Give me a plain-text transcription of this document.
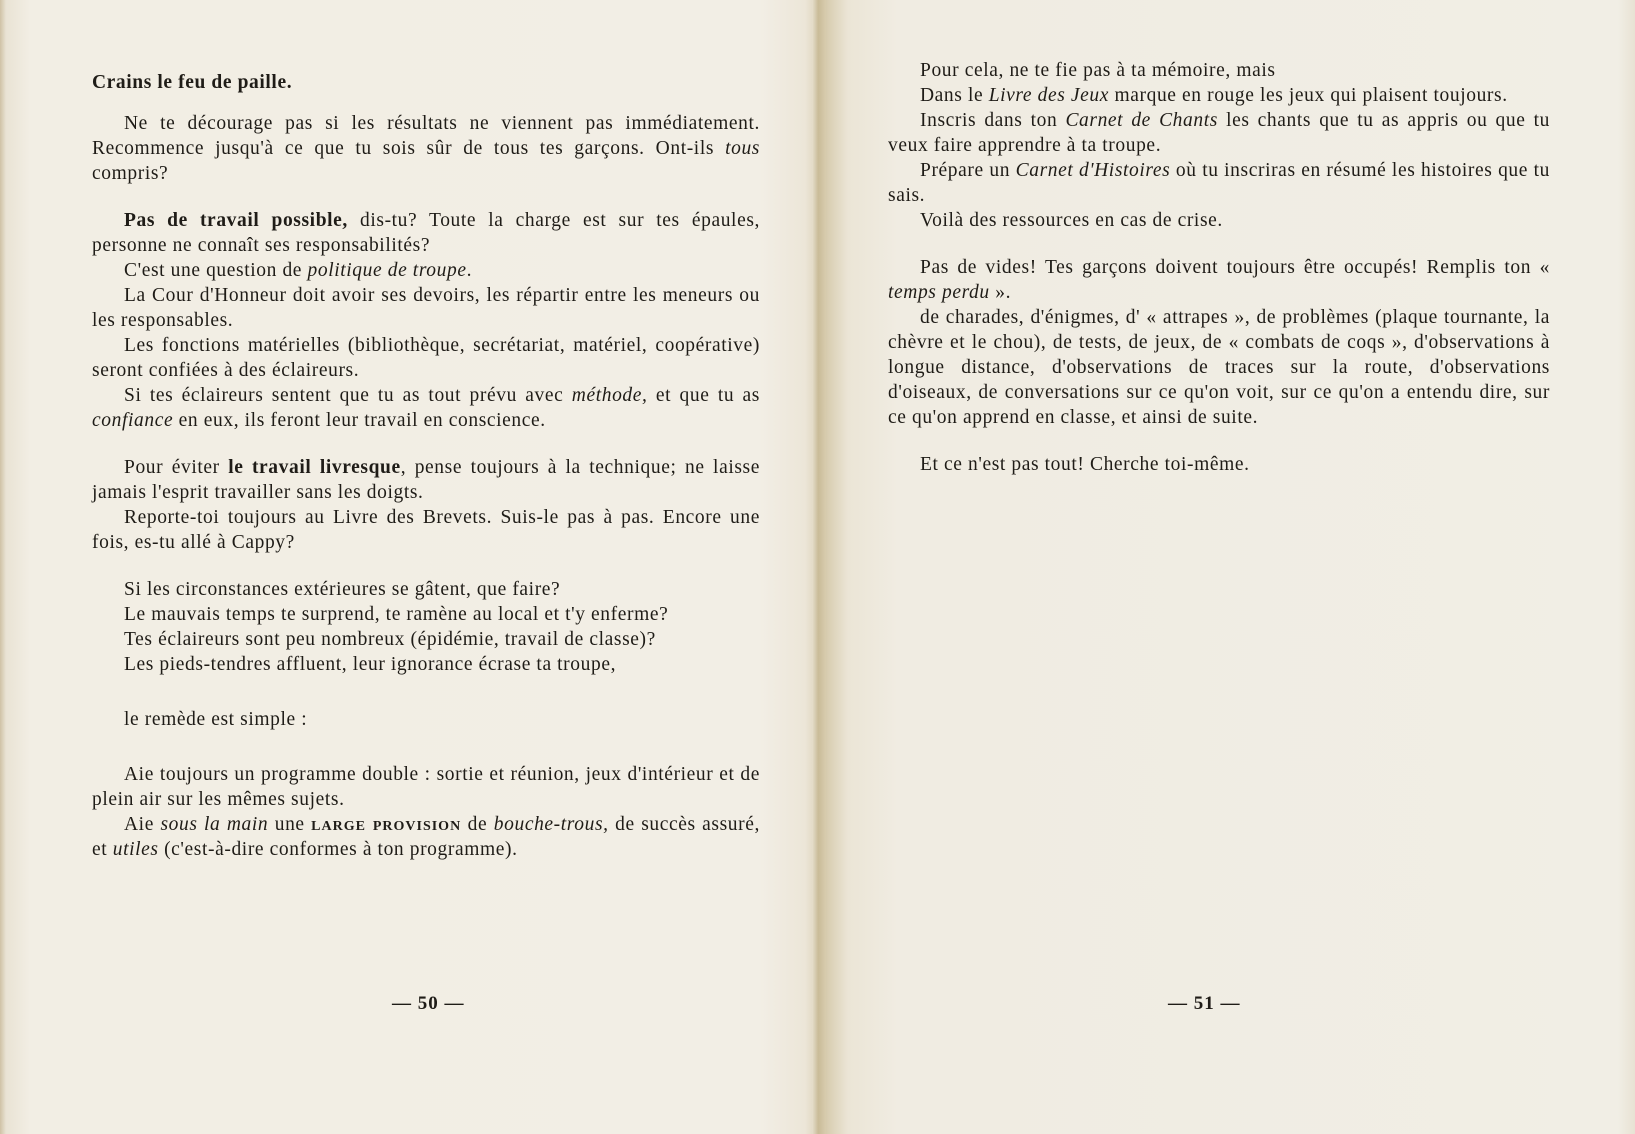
Crains le feu de paille.

Ne te décourage pas si les résultats ne viennent pas immédiatement. Recommence jusqu'à ce que tu sois sûr de tous tes garçons. Ont-ils tous compris?

Pas de travail possible, dis-tu? Toute la charge est sur tes épaules, personne ne connaît ses responsabilités?

C'est une question de politique de troupe.

La Cour d'Honneur doit avoir ses devoirs, les répartir entre les meneurs ou les responsables.

Les fonctions matérielles (bibliothèque, secrétariat, matériel, coopérative) seront confiées à des éclaireurs.

Si tes éclaireurs sentent que tu as tout prévu avec méthode, et que tu as confiance en eux, ils feront leur travail en conscience.

Pour éviter le travail livresque, pense toujours à la technique; ne laisse jamais l'esprit travailler sans les doigts.

Reporte-toi toujours au Livre des Brevets. Suis-le pas à pas. Encore une fois, es-tu allé à Cappy?

Si les circonstances extérieures se gâtent, que faire?

Le mauvais temps te surprend, te ramène au local et t'y enferme?

Tes éclaireurs sont peu nombreux (épidémie, travail de classe)?

Les pieds-tendres affluent, leur ignorance écrase ta troupe,

le remède est simple :

Aie toujours un programme double : sortie et réunion, jeux d'intérieur et de plein air sur les mêmes sujets.

Aie sous la main une large provision de bouche-trous, de succès assuré, et utiles (c'est-à-dire conformes à ton programme).

— 50 —

Pour cela, ne te fie pas à ta mémoire, mais

Dans le Livre des Jeux marque en rouge les jeux qui plaisent toujours.

Inscris dans ton Carnet de Chants les chants que tu as appris ou que tu veux faire apprendre à ta troupe.

Prépare un Carnet d'Histoires où tu inscriras en résumé les histoires que tu sais.

Voilà des ressources en cas de crise.

Pas de vides! Tes garçons doivent toujours être occupés! Remplis ton « temps perdu ».

de charades, d'énigmes, d' « attrapes », de problèmes (plaque tournante, la chèvre et le chou), de tests, de jeux, de « combats de coqs », d'observations à longue distance, d'observations de traces sur la route, d'observations d'oiseaux, de conversations sur ce qu'on voit, sur ce qu'on a entendu dire, sur ce qu'on apprend en classe, et ainsi de suite.

Et ce n'est pas tout! Cherche toi-même.

— 51 —
